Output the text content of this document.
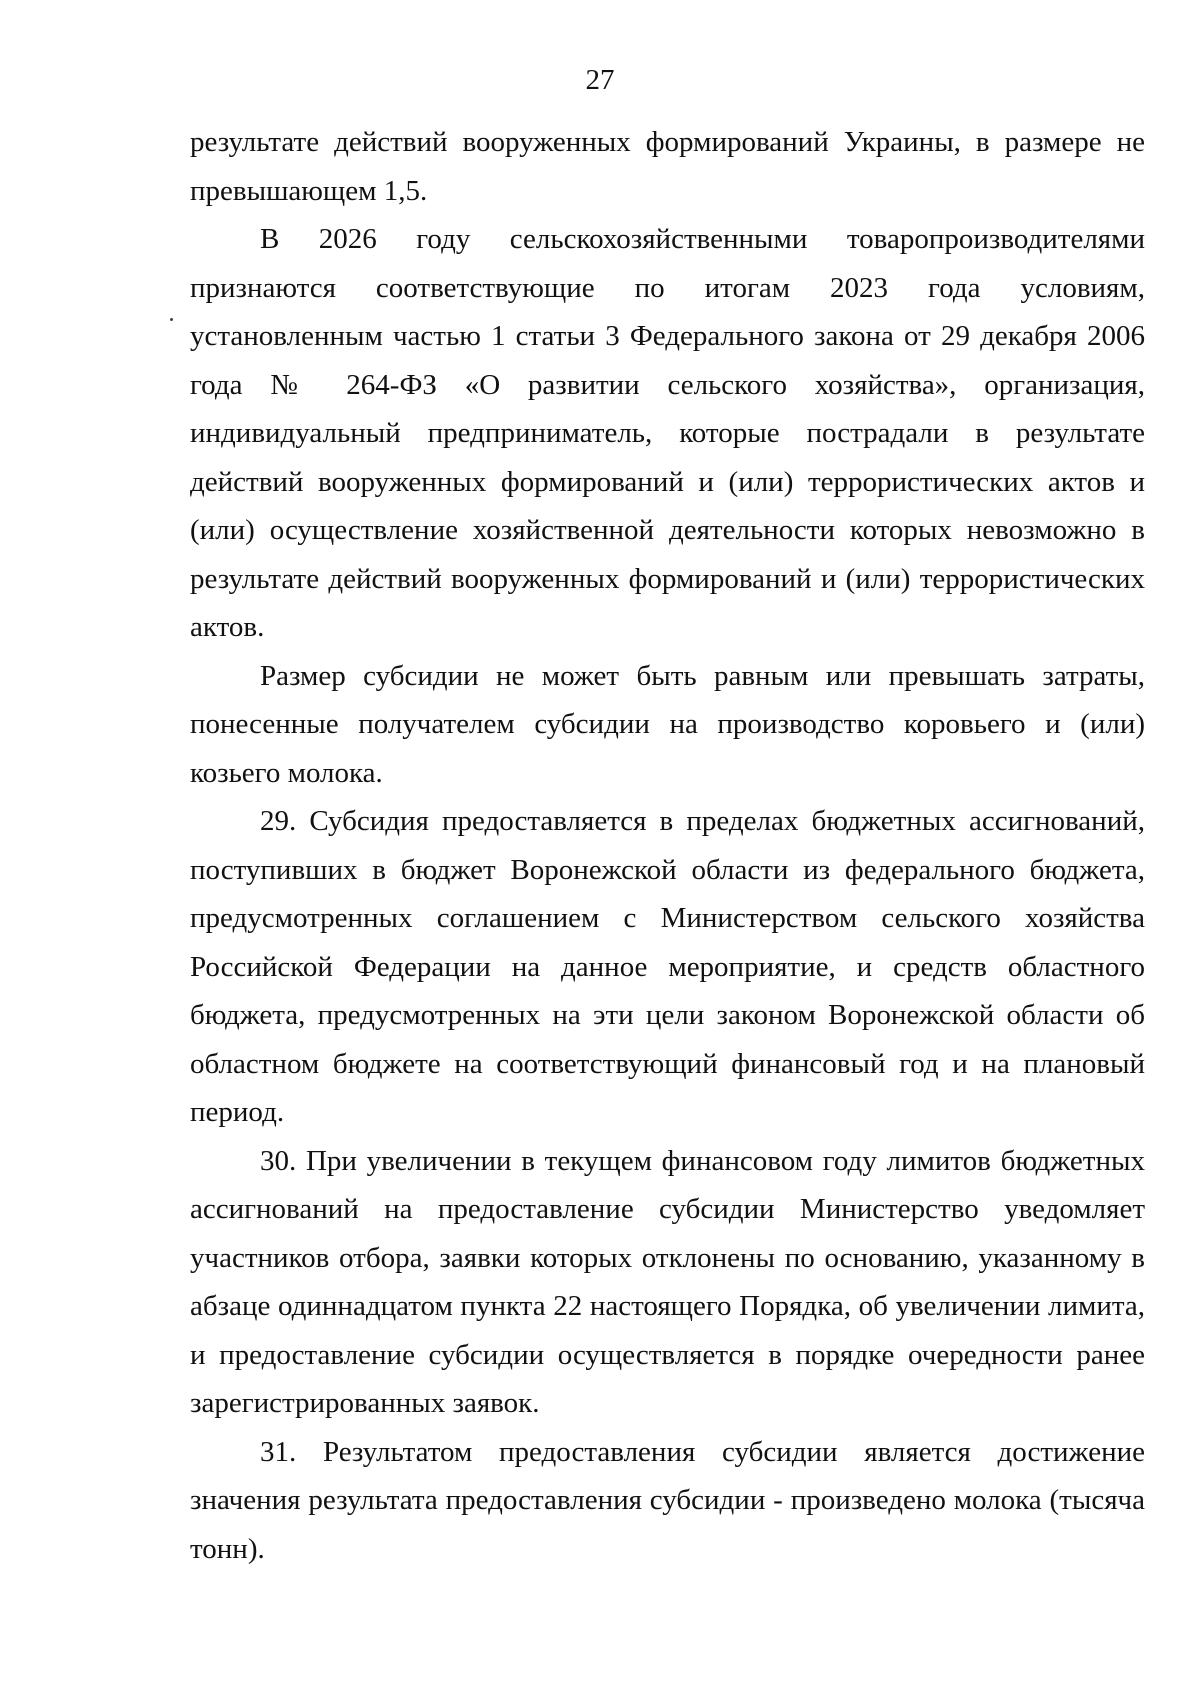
27

результате действий вооруженных формирований Украины, в размере не превышающем 1,5.

В 2026 году сельскохозяйственными товаропроизводителями признаются соответствующие по итогам 2023 года условиям, установленным частью 1 статьи 3 Федерального закона от 29 декабря 2006 года № 264-ФЗ «О развитии сельского хозяйства», организация, индивидуальный предприниматель, которые пострадали в результате действий вооруженных формирований и (или) террористических актов и (или) осуществление хозяйственной деятельности которых невозможно в результате действий вооруженных формирований и (или) террористических актов.

Размер субсидии не может быть равным или превышать затраты, понесенные получателем субсидии на производство коровьего и (или) козьего молока.

29. Субсидия предоставляется в пределах бюджетных ассигнований, поступивших в бюджет Воронежской области из федерального бюджета, предусмотренных соглашением с Министерством сельского хозяйства Российской Федерации на данное мероприятие, и средств областного бюджета, предусмотренных на эти цели законом Воронежской области об областном бюджете на соответствующий финансовый год и на плановый период.

30. При увеличении в текущем финансовом году лимитов бюджетных ассигнований на предоставление субсидии Министерство уведомляет участников отбора, заявки которых отклонены по основанию, указанному в абзаце одиннадцатом пункта 22 настоящего Порядка, об увеличении лимита, и предоставление субсидии осуществляется в порядке очередности ранее зарегистрированных заявок.

31. Результатом предоставления субсидии является достижение значения результата предоставления субсидии - произведено молока (тысяча тонн).
